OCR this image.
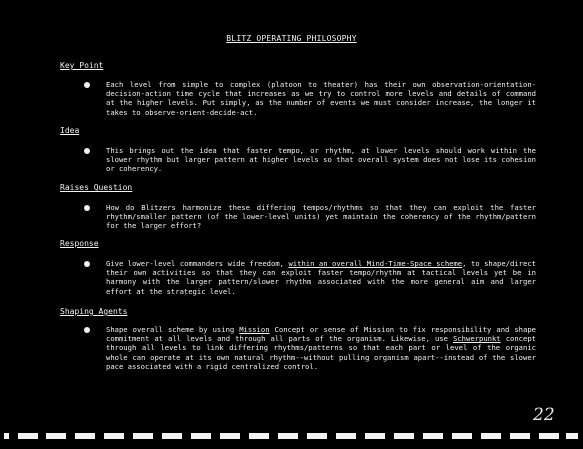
BLITZ OPERATING PHILOSOPHY
Key Point
Each level from simple to complex (platoon to theater) has their own observation-orientation-decision-action time cycle that increases as we try to control more levels and details of command at the higher levels. Put simply, as the number of events we must consider increase, the longer it takes to observe-orient-decide-act.
Idea
This brings out the idea that faster tempo, or rhythm, at lower levels should work within the slower rhythm but larger pattern at higher levels so that overall system does not lose its cohesion or coherency.
Raises Question
How do Blitzers harmonize these differing tempos/rhythms so that they can exploit the faster rhythm/smaller pattern (of the lower-level units) yet maintain the coherency of the rhythm/pattern for the larger effort?
Response
Give lower-level commanders wide freedom, within an overall Mind-Time-Space scheme, to shape/direct their own activities so that they can exploit faster tempo/rhythm at tactical levels yet be in harmony with the larger pattern/slower rhythm associated with the more general aim and larger effort at the strategic level.
Shaping Agents
Shape overall scheme by using Mission Concept or sense of Mission to fix responsibility and shape commitment at all levels and through all parts of the organism. Likewise, use Schwerpunkt concept through all levels to link differing rhythms/patterns so that each part or level of the organic whole can operate at its own natural rhythm--without pulling organism apart--instead of the slower pace associated with a rigid centralized control.
22
